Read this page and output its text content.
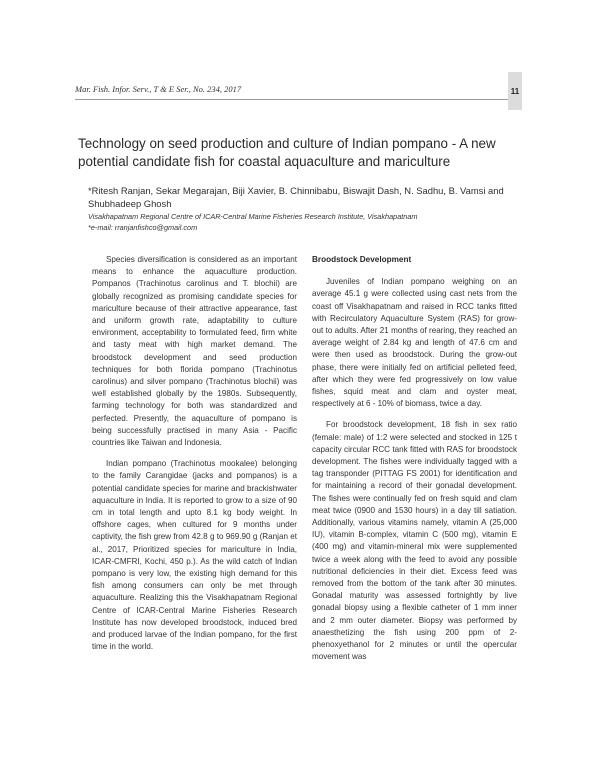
Mar. Fish. Infor. Serv., T & E Ser., No. 234, 2017	11
Technology on seed production and culture of Indian pompano - A new potential candidate fish for coastal aquaculture and mariculture
*Ritesh Ranjan, Sekar Megarajan, Biji Xavier, B. Chinnibabu, Biswajit Dash, N. Sadhu, B. Vamsi and Shubhadeep Ghosh
Visakhapatnam Regional Centre of ICAR-Central Marine Fisheries Research Institute, Visakhapatnam
*e-mail: rranjanfishco@gmail.com

Species diversification is considered as an important means to enhance the aquaculture production. Pompanos (Trachinotus carolinus and T. blochii) are globally recognized as promising candidate species for mariculture because of their attractive appearance, fast and uniform growth rate, adaptability to culture environment, acceptability to formulated feed, firm white and tasty meat with high market demand. The broodstock development and seed production techniques for both florida pompano (Trachinotus carolinus) and silver pompano (Trachinotus blochii) was well established globally by the 1980s. Subsequently, farming technology for both was standardized and perfected. Presently, the aquaculture of pompano is being successfully practised in many Asia - Pacific countries like Taiwan and Indonesia.

Indian pompano (Trachinotus mookalee) belonging to the family Carangidae (jacks and pompanos) is a potential candidate species for marine and brackishwater aquaculture in India. It is reported to grow to a size of 90 cm in total length and upto 8.1 kg body weight. In offshore cages, when cultured for 9 months under captivity, the fish grew from 42.8 g to 969.90 g (Ranjan et al., 2017, Prioritized species for mariculture in India, ICAR-CMFRI, Kochi, 450 p.). As the wild catch of Indian pompano is very low, the existing high demand for this fish among consumers can only be met through aquaculture. Realizing this the Visakhapatnam Regional Centre of ICAR-Central Marine Fisheries Research Institute has now developed broodstock, induced bred and produced larvae of the Indian pompano, for the first time in the world.

Broodstock Development

Juveniles of Indian pompano weighing on an average 45.1 g were collected using cast nets from the coast off Visakhapatnam and raised in RCC tanks fitted with Recirculatory Aquaculture System (RAS) for grow-out to adults. After 21 months of rearing, they reached an average weight of 2.84 kg and length of 47.6 cm and were then used as broodstock. During the grow-out phase, there were initially fed on artificial pelleted feed, after which they were fed progressively on low value fishes, squid meat and clam and oyster meat, respectively at 6 - 10% of biomass, twice a day.

For broodstock development, 18 fish in sex ratio (female: male) of 1:2 were selected and stocked in 125 t capacity circular RCC tank fitted with RAS for broodstock development. The fishes were individually tagged with a tag transponder (PITTAG FS 2001) for identification and for maintaining a record of their gonadal development. The fishes were continually fed on fresh squid and clam meat twice (0900 and 1530 hours) in a day till satiation. Additionally, various vitamins namely, vitamin A (25,000 IU), vitamin B-complex, vitamin C (500 mg), vitamin E (400 mg) and vitamin-mineral mix were supplemented twice a week along with the feed to avoid any possible nutritional deficiencies in their diet. Excess feed was removed from the bottom of the tank after 30 minutes. Gonadal maturity was assessed fortnightly by live gonadal biopsy using a flexible catheter of 1 mm inner and 2 mm outer diameter. Biopsy was performed by anaesthetizing the fish using 200 ppm of 2-phenoxyethanol for 2 minutes or until the opercular movement was
